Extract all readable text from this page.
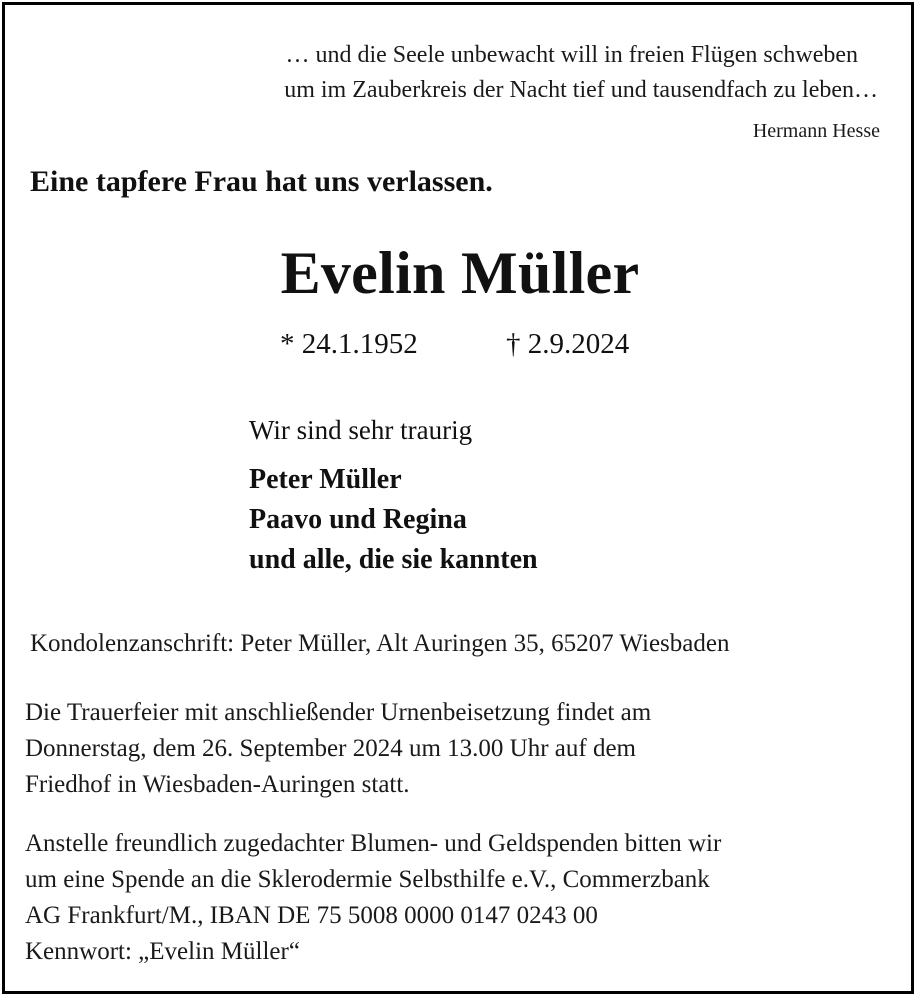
… und die Seele unbewacht will in freien Flügen schweben
um im Zauberkreis der Nacht tief und tausendfach zu leben…
Hermann Hesse
Eine tapfere Frau hat uns verlassen.
Evelin Müller
* 24.1.1952	† 2.9.2024
Wir sind sehr traurig
Peter Müller
Paavo und Regina
und alle, die sie kannten
Kondolenzanschrift: Peter Müller, Alt Auringen 35, 65207 Wiesbaden
Die Trauerfeier mit anschließender Urnenbeisetzung findet am
Donnerstag, dem 26. September 2024 um 13.00 Uhr auf dem
Friedhof in Wiesbaden-Auringen statt.
Anstelle freundlich zugedachter Blumen- und Geldspenden bitten wir
um eine Spende an die Sklerodermie Selbsthilfe e.V., Commerzbank
AG Frankfurt/M., IBAN DE 75 5008 0000 0147 0243 00
Kennwort: „Evelin Müller“
